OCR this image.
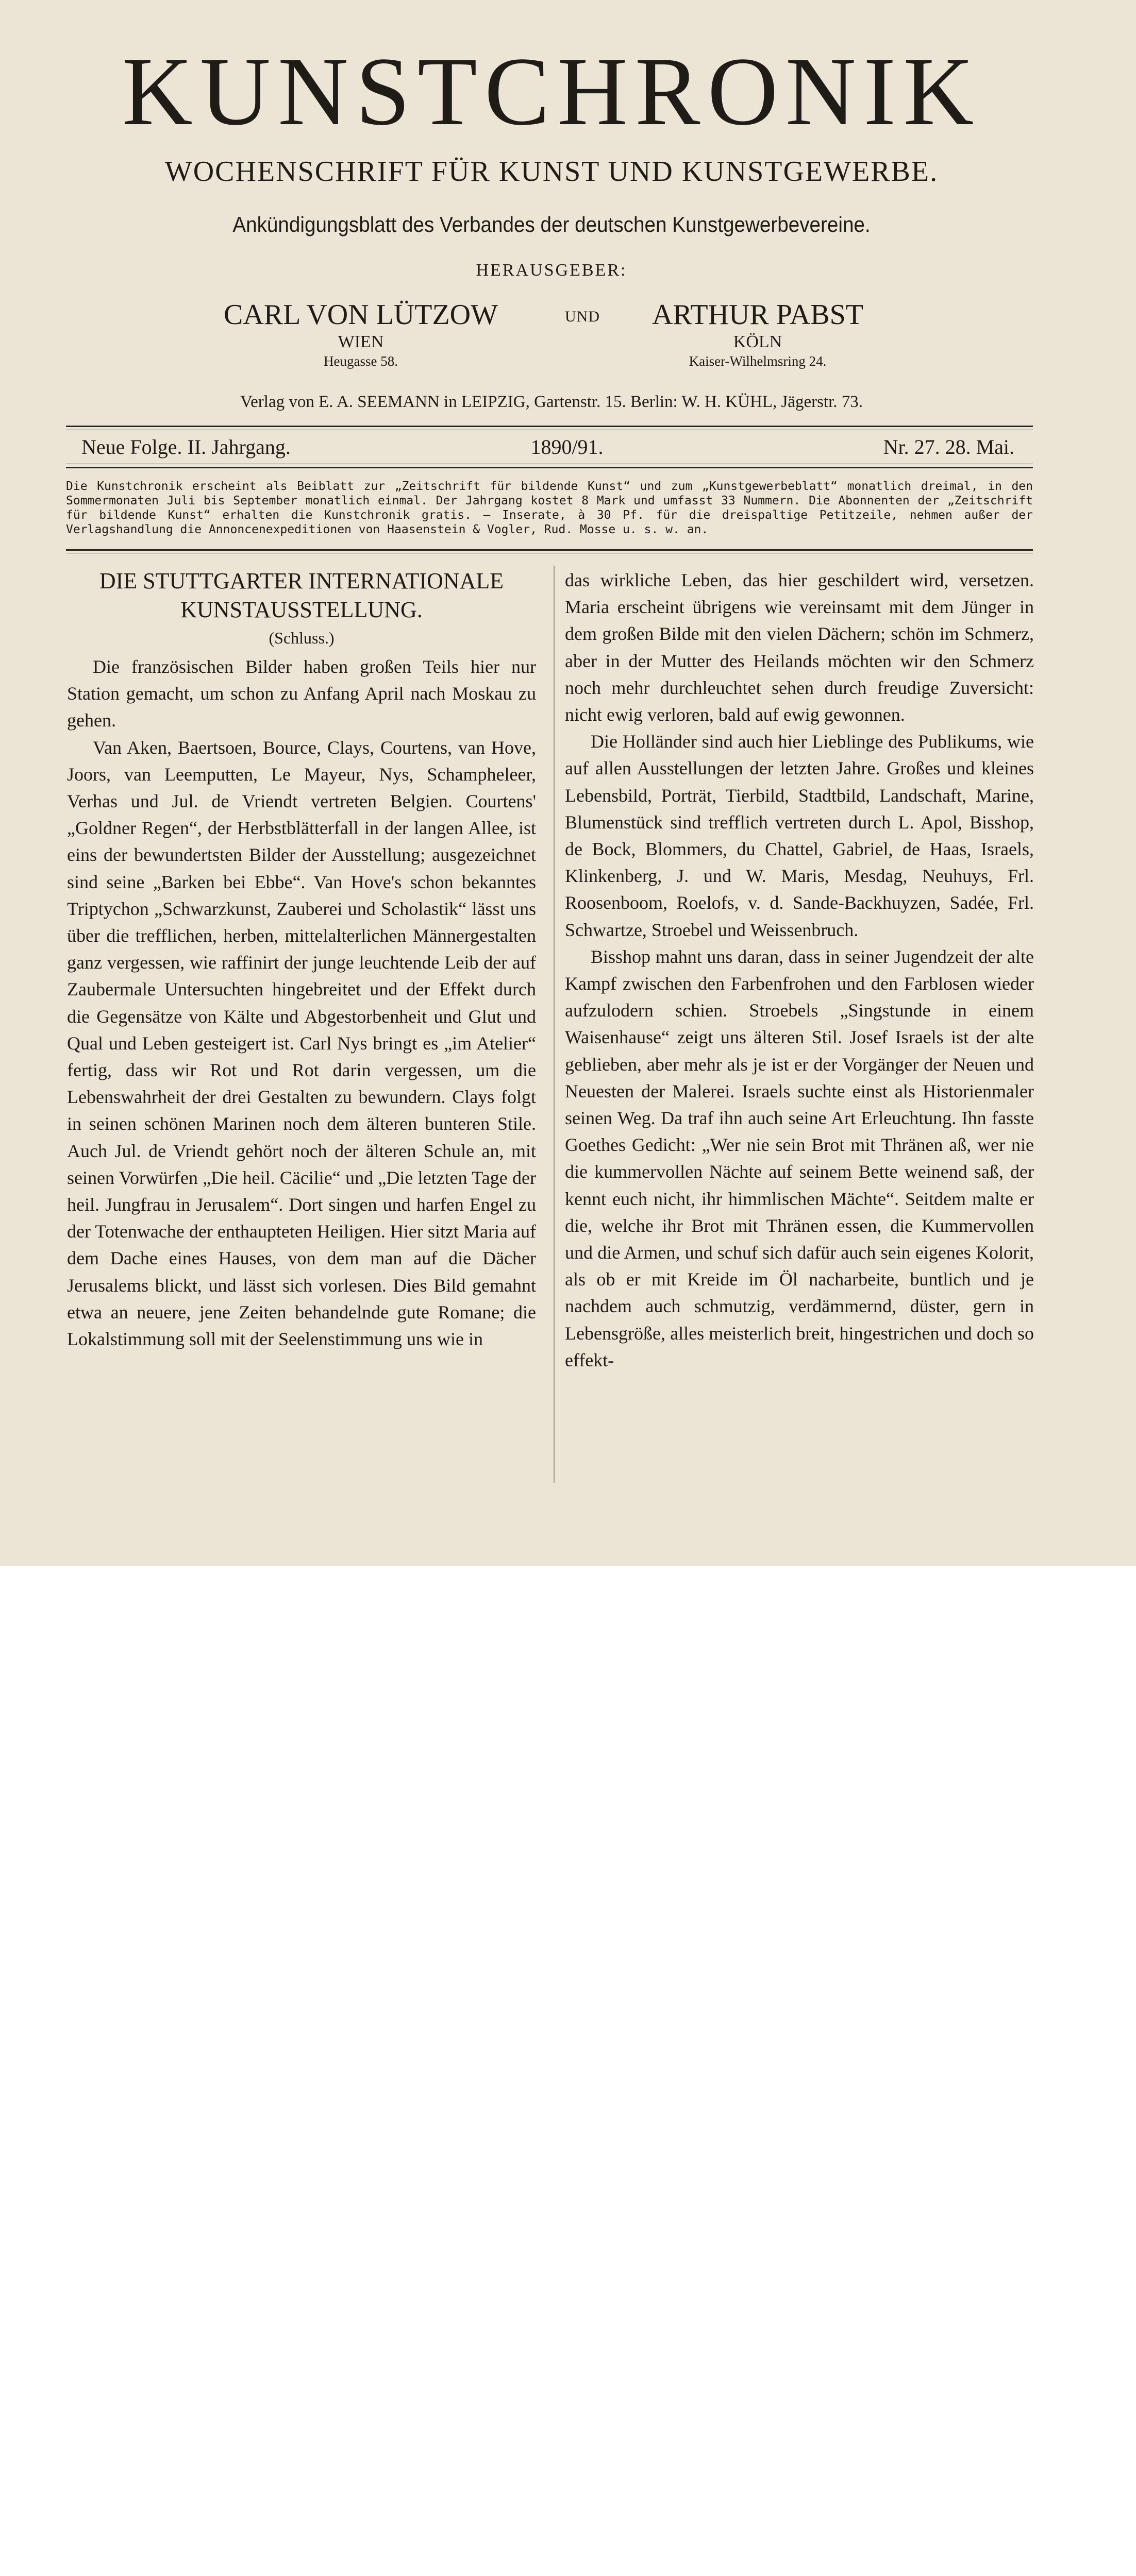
KUNSTCHRONIK
WOCHENSCHRIFT FÜR KUNST UND KUNSTGEWERBE.
Ankündigungsblatt des Verbandes der deutschen Kunstgewerbevereine.
HERAUSGEBER:
CARL VON LÜTZOW
WIEN
Heugasse 58.
UND	ARTHUR PABST
KÖLN
Kaiser-Wilhelmsring 24.
Verlag von E. A. SEEMANN in LEIPZIG, Gartenstr. 15. Berlin: W. H. KÜHL, Jägerstr. 73.
Neue Folge. II. Jahrgang.	1890/91.	Nr. 27. 28. Mai.
Die Kunstchronik erscheint als Beiblatt zur „Zeitschrift für bildende Kunst“ und zum „Kunstgewerbeblatt“ monatlich dreimal, in den Sommermonaten Juli bis September monatlich einmal. Der Jahrgang kostet 8 Mark und umfasst 33 Nummern. Die Abonnenten der „Zeitschrift für bildende Kunst“ erhalten die Kunstchronik gratis. — Inserate, à 30 Pf. für die dreispaltige Petitzeile, nehmen außer der Verlagshandlung die Annoncenexpeditionen von Haasenstein & Vogler, Rud. Mosse u. s. w. an.
DIE STUTTGARTER INTERNATIONALE
KUNSTAUSSTELLUNG.
(Schluss.)

Die französischen Bilder haben großen Teils hier nur Station gemacht, um schon zu Anfang April nach Moskau zu gehen.

Van Aken, Baertsoen, Bource, Clays, Courtens, van Hove, Joors, van Leemputten, Le Mayeur, Nys, Schampheleer, Verhas und Jul. de Vriendt vertreten Belgien. Courtens' „Goldner Regen“, der Herbstblätterfall in der langen Allee, ist eins der bewundertsten Bilder der Ausstellung; ausgezeichnet sind seine „Barken bei Ebbe“. Van Hove's schon bekanntes Triptychon „Schwarzkunst, Zauberei und Scholastik“ lässt uns über die trefflichen, herben, mittelalterlichen Männergestalten ganz vergessen, wie raffinirt der junge leuchtende Leib der auf Zaubermale Untersuchten hingebreitet und der Effekt durch die Gegensätze von Kälte und Abgestorbenheit und Glut und Qual und Leben gesteigert ist. Carl Nys bringt es „im Atelier“ fertig, dass wir Rot und Rot darin vergessen, um die Lebenswahrheit der drei Gestalten zu bewundern. Clays folgt in seinen schönen Marinen noch dem älteren bunteren Stile. Auch Jul. de Vriendt gehört noch der älteren Schule an, mit seinen Vorwürfen „Die heil. Cäcilie“ und „Die letzten Tage der heil. Jungfrau in Jerusalem“. Dort singen und harfen Engel zu der Totenwache der enthaupteten Heiligen. Hier sitzt Maria auf dem Dache eines Hauses, von dem man auf die Dächer Jerusalems blickt, und lässt sich vorlesen. Dies Bild gemahnt etwa an neuere, jene Zeiten behandelnde gute Romane; die Lokalstimmung soll mit der Seelenstimmung uns wie in

das wirkliche Leben, das hier geschildert wird, versetzen. Maria erscheint übrigens wie vereinsamt mit dem Jünger in dem großen Bilde mit den vielen Dächern; schön im Schmerz, aber in der Mutter des Heilands möchten wir den Schmerz noch mehr durchleuchtet sehen durch freudige Zuversicht: nicht ewig verloren, bald auf ewig gewonnen.

Die Holländer sind auch hier Lieblinge des Publikums, wie auf allen Ausstellungen der letzten Jahre. Großes und kleines Lebensbild, Porträt, Tierbild, Stadtbild, Landschaft, Marine, Blumenstück sind trefflich vertreten durch L. Apol, Bisshop, de Bock, Blommers, du Chattel, Gabriel, de Haas, Israels, Klinkenberg, J. und W. Maris, Mesdag, Neuhuys, Frl. Roosenboom, Roelofs, v. d. Sande-Backhuyzen, Sadée, Frl. Schwartze, Stroebel und Weissenbruch.

Bisshop mahnt uns daran, dass in seiner Jugendzeit der alte Kampf zwischen den Farbenfrohen und den Farblosen wieder aufzulodern schien. Stroebels „Singstunde in einem Waisenhause“ zeigt uns älteren Stil. Josef Israels ist der alte geblieben, aber mehr als je ist er der Vorgänger der Neuen und Neuesten der Malerei. Israels suchte einst als Historienmaler seinen Weg. Da traf ihn auch seine Art Erleuchtung. Ihn fasste Goethes Gedicht: „Wer nie sein Brot mit Thränen aß, wer nie die kummervollen Nächte auf seinem Bette weinend saß, der kennt euch nicht, ihr himmlischen Mächte“. Seitdem malte er die, welche ihr Brot mit Thränen essen, die Kummervollen und die Armen, und schuf sich dafür auch sein eigenes Kolorit, als ob er mit Kreide im Öl nacharbeite, buntlich und je nachdem auch schmutzig, verdämmernd, düster, gern in Lebensgröße, alles meisterlich breit, hingestrichen und doch so effekt-
